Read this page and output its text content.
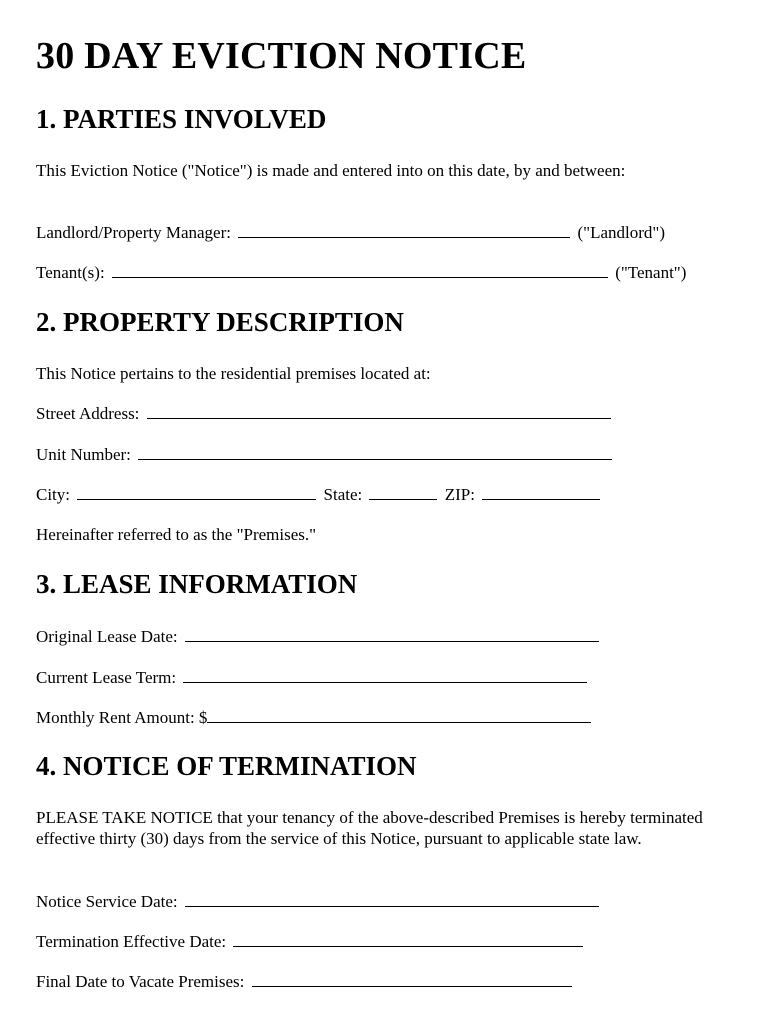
30 DAY EVICTION NOTICE
1. PARTIES INVOLVED

This Eviction Notice ("Notice") is made and entered into on this date, by and between:

Landlord/Property Manager:	("Landlord")
Tenant(s):	("Tenant")
2. PROPERTY DESCRIPTION
This Notice pertains to the residential premises located at:
Street Address:
Unit Number:
City:	State:	ZIP:
Hereinafter referred to as the "Premises."
3. LEASE INFORMATION
Original Lease Date:
Current Lease Term:
Monthly Rent Amount: $
4. NOTICE OF TERMINATION

PLEASE TAKE NOTICE that your tenancy of the above-described Premises is hereby terminated effective thirty (30) days from the service of this Notice, pursuant to applicable state law.

Notice Service Date:
Termination Effective Date:
Final Date to Vacate Premises:
